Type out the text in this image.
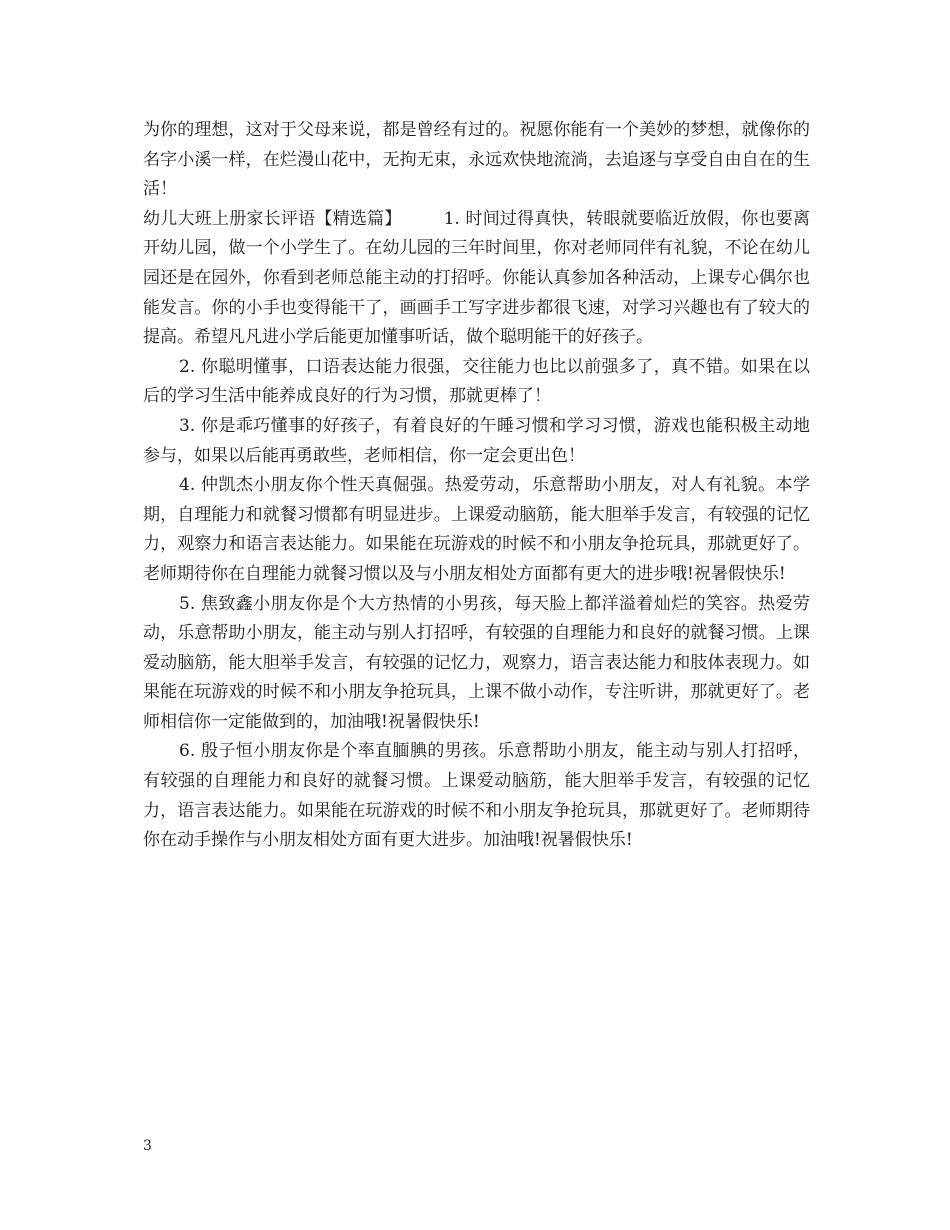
为你的理想，这对于父母来说，都是曾经有过的。祝愿你能有一个美妙的梦想，就像你的名字小溪一样，在烂漫山花中，无拘无束，永远欢快地流淌，去追逐与享受自由自在的生活！

幼儿大班上册家长评语【精选篇】 1. 时间过得真快，转眼就要临近放假，你也要离开幼儿园，做一个小学生了。在幼儿园的三年时间里，你对老师同伴有礼貌，不论在幼儿园还是在园外，你看到老师总能主动的打招呼。你能认真参加各种活动，上课专心偶尔也能发言。你的小手也变得能干了，画画手工写字进步都很飞速，对学习兴趣也有了较大的提高。希望凡凡进小学后能更加懂事听话，做个聪明能干的好孩子。

2. 你聪明懂事，口语表达能力很强，交往能力也比以前强多了，真不错。如果在以后的学习生活中能养成良好的行为习惯，那就更棒了！

3. 你是乖巧懂事的好孩子，有着良好的午睡习惯和学习习惯，游戏也能积极主动地参与，如果以后能再勇敢些，老师相信，你一定会更出色！

4. 仲凯杰小朋友你个性天真倔强。热爱劳动，乐意帮助小朋友，对人有礼貌。本学期，自理能力和就餐习惯都有明显进步。上课爱动脑筋，能大胆举手发言，有较强的记忆力，观察力和语言表达能力。如果能在玩游戏的时候不和小朋友争抢玩具，那就更好了。老师期待你在自理能力就餐习惯以及与小朋友相处方面都有更大的进步哦!祝暑假快乐!

5. 焦致鑫小朋友你是个大方热情的小男孩，每天脸上都洋溢着灿烂的笑容。热爱劳动，乐意帮助小朋友，能主动与别人打招呼，有较强的自理能力和良好的就餐习惯。上课爱动脑筋，能大胆举手发言，有较强的记忆力，观察力，语言表达能力和肢体表现力。如果能在玩游戏的时候不和小朋友争抢玩具，上课不做小动作，专注听讲，那就更好了。老师相信你一定能做到的，加油哦!祝暑假快乐!

6. 殷子恒小朋友你是个率直腼腆的男孩。乐意帮助小朋友，能主动与别人打招呼，有较强的自理能力和良好的就餐习惯。上课爱动脑筋，能大胆举手发言，有较强的记忆力，语言表达能力。如果能在玩游戏的时候不和小朋友争抢玩具，那就更好了。老师期待你在动手操作与小朋友相处方面有更大进步。加油哦!祝暑假快乐!

3
